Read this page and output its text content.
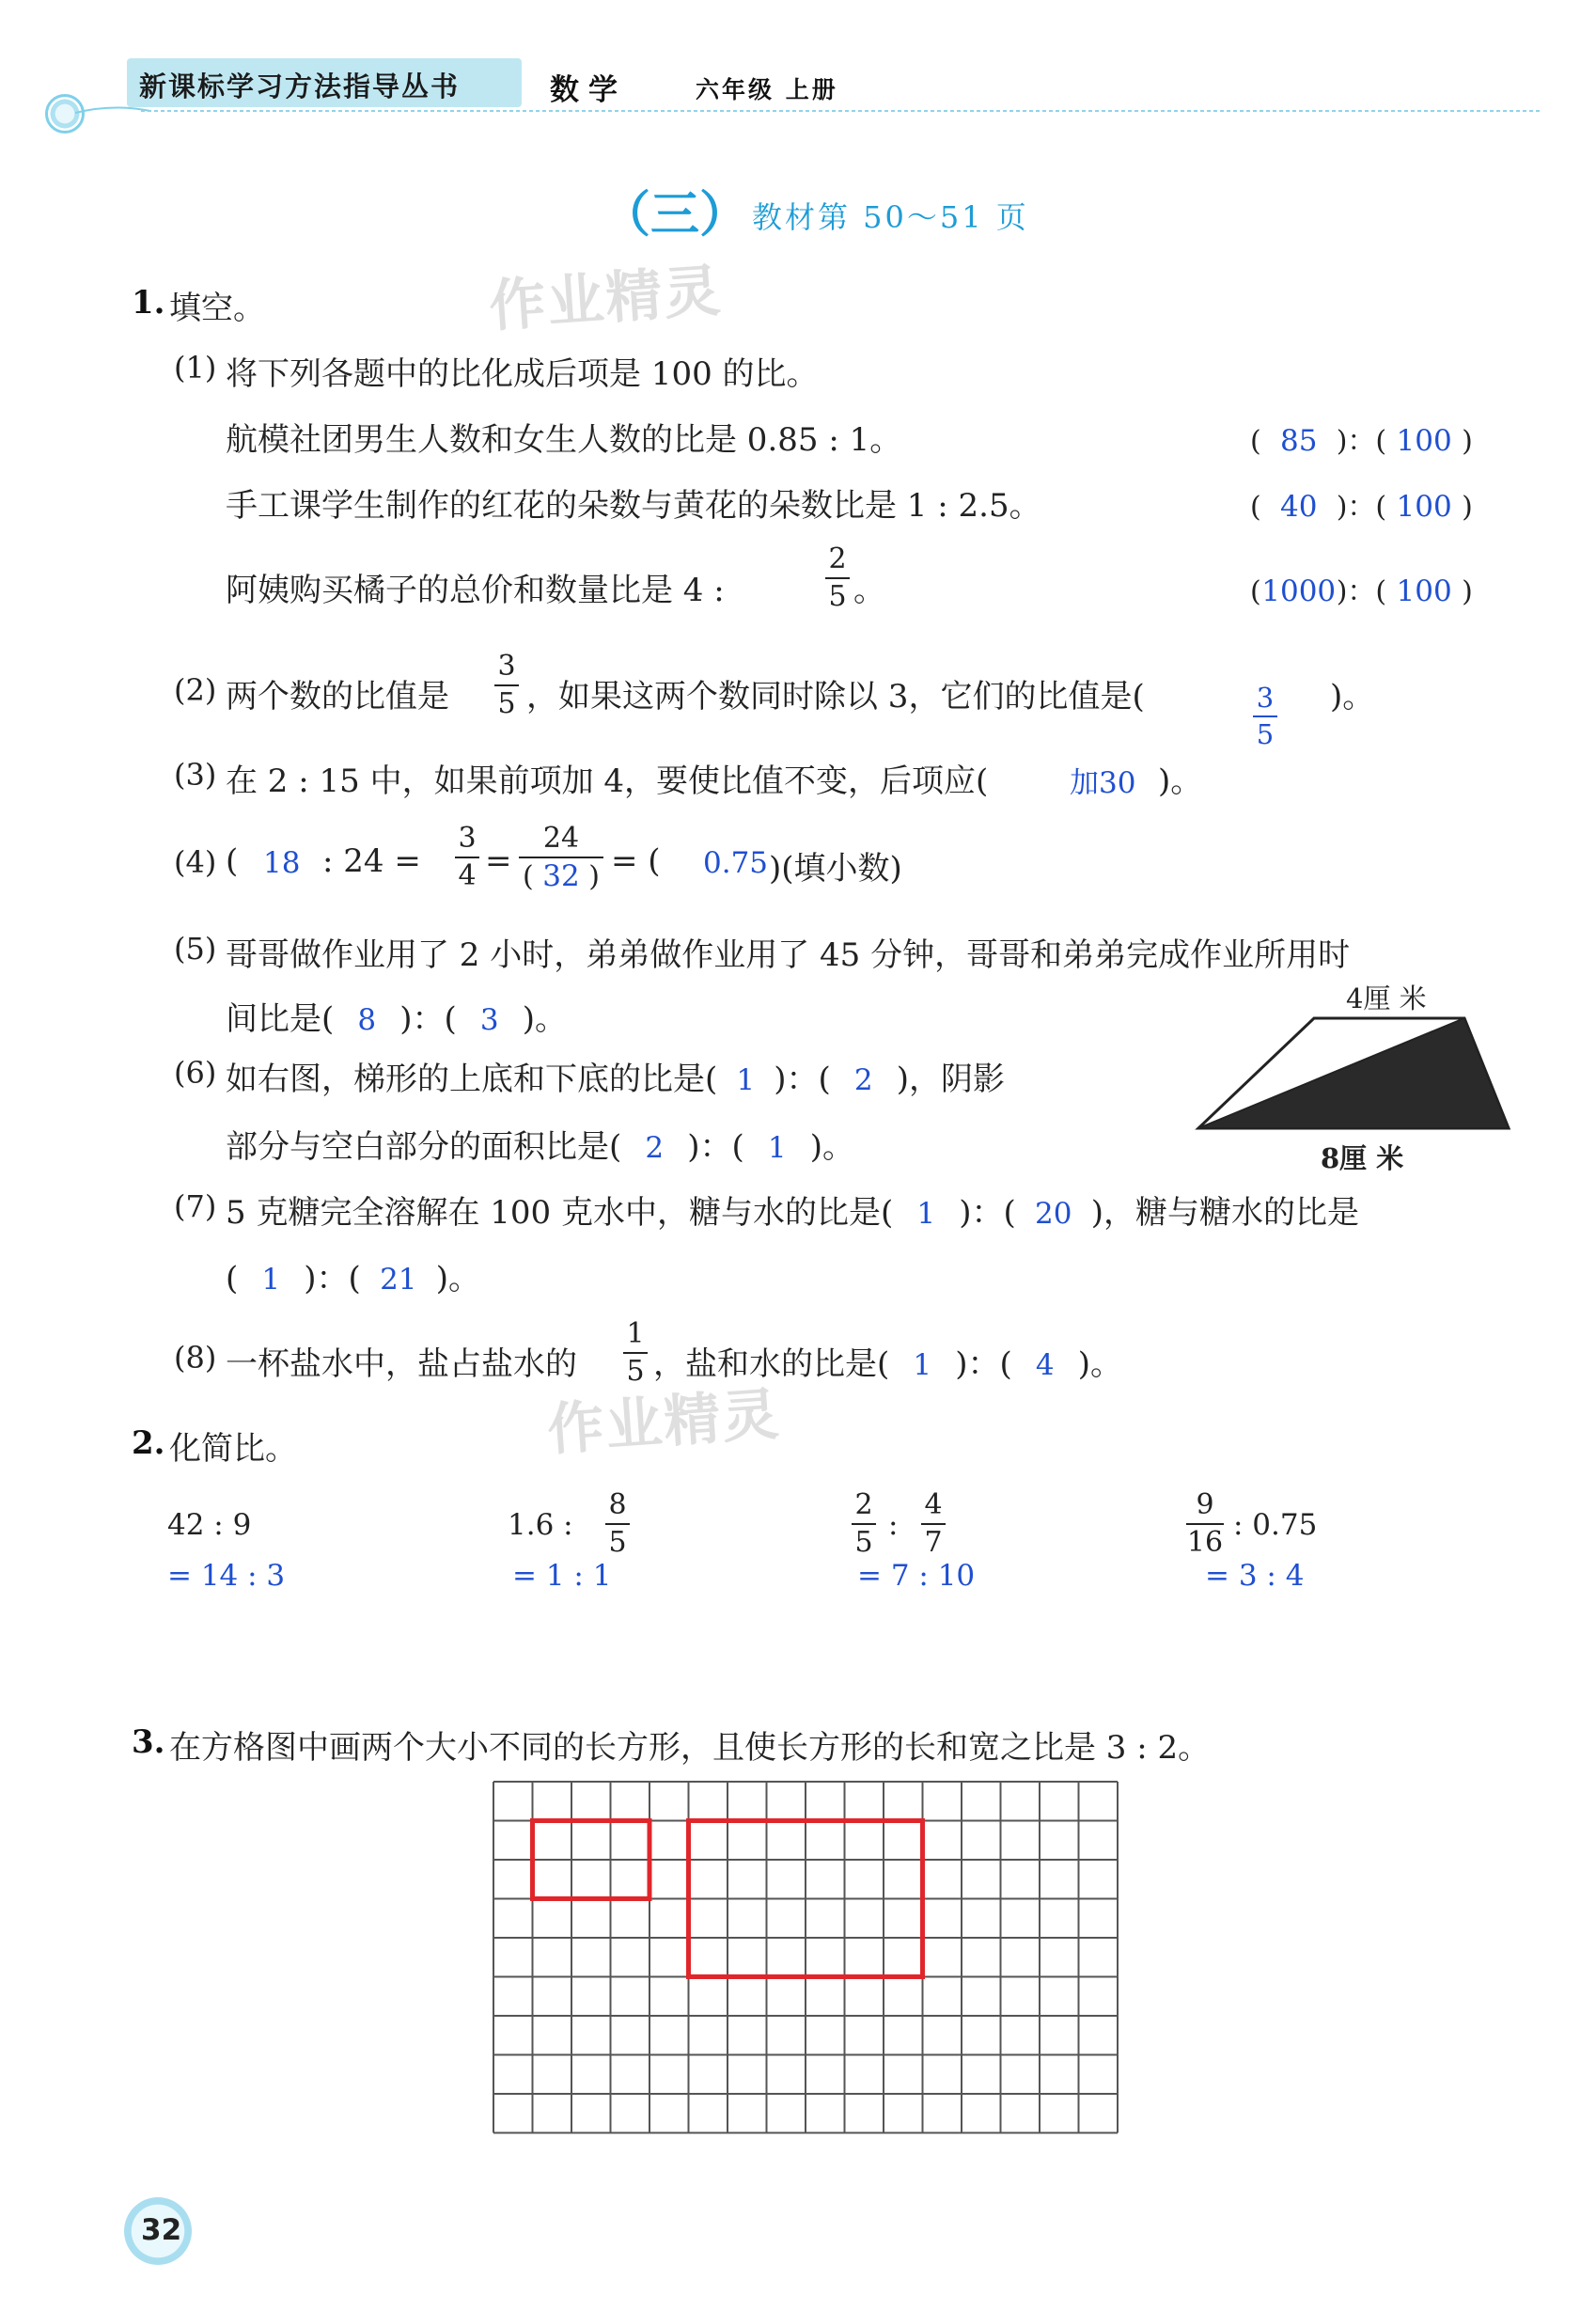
新课标学习方法指导丛书	数学	六年级 上册
（三） 教材第 50～51 页
作业精灵
作业精灵
1. 填空。
(1) 将下列各题中的比化成后项是 100 的比。
航模社团男生人数和女生人数的比是 0.85 : 1。	( 85 )：( 100 )
手工课学生制作的红花的朵数与黄花的朵数比是 1 : 2.5。	( 40 )：( 100 )
阿姨购买橘子的总价和数量比是 4 :
2
5 。	(1000)：( 100 )
(2) 两个数的比值是
3
5 ，如果这两个数同时除以 3，它们的比值是(	3
5
)。
(3) 在 2 : 15 中，如果前项加 4，要使比值不变，后项应(	加30 )。
(4) ( 18 : 24 =
3
4 =
24
( 32 ) = ( 0.75 )(填小数)
(5) 哥哥做作业用了 2 小时，弟弟做作业用了 45 分钟，哥哥和弟弟完成作业所用时
间比是( 8 )：( 3 )。
4厘 米
8厘 米
(6) 如右图，梯形的上底和下底的比是( 1 )：( 2 )，阴影
部分与空白部分的面积比是( 2 )：( 1 )。
(7) 5 克糖完全溶解在 100 克水中，糖与水的比是( 1 )：( 20 )，糖与糖水的比是
( 1 )：( 21 )。
(8) 一杯盐水中，盐占盐水的
1
5 ，盐和水的比是( 1 )：( 4 )。
2. 化简比。
42 : 9
= 14 : 3
1.6 :
8
5
= 1 : 1
2
5
:
4
7
= 7 : 10
9
16
: 0.75
= 3 : 4
3. 在方格图中画两个大小不同的长方形，且使长方形的长和宽之比是 3 : 2。
32
